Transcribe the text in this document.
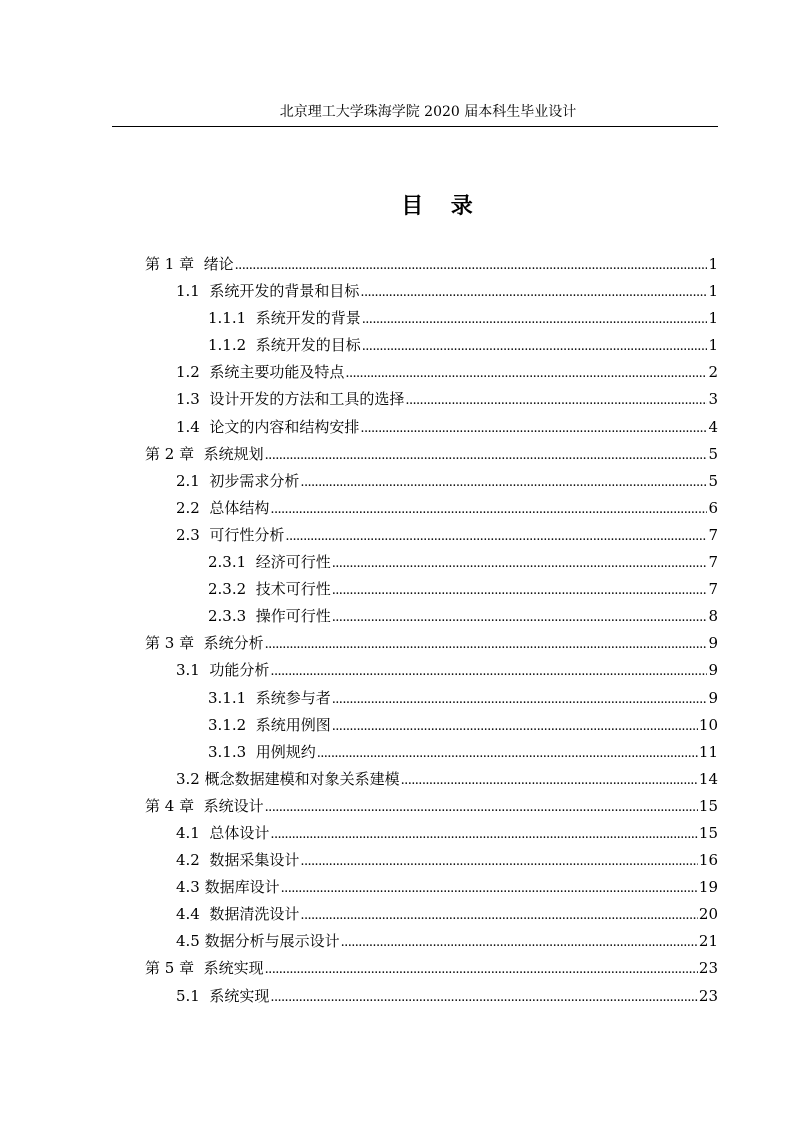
北京理工大学珠海学院 2020 届本科生毕业设计
目 录
第 1 章  绪论 .....	1
1.1  系统开发的背景和目标 .....	1
1.1.1  系统开发的背景 .....	1
1.1.2  系统开发的目标 .....	1
1.2  系统主要功能及特点 .....	2
1.3  设计开发的方法和工具的选择 .....	3
1.4  论文的内容和结构安排 .....	4
第 2 章  系统规划 .....	5
2.1  初步需求分析 .....	5
2.2  总体结构 .....	6
2.3  可行性分析 .....	7
2.3.1  经济可行性 .....	7
2.3.2  技术可行性 .....	7
2.3.3  操作可行性 .....	8
第 3 章  系统分析 .....	9
3.1  功能分析 .....	9
3.1.1  系统参与者 .....	9
3.1.2  系统用例图 .....	10
3.1.3  用例规约 .....	11
3.2 概念数据建模和对象关系建模 .....	14
第 4 章  系统设计 .....	15
4.1  总体设计 .....	15
4.2  数据采集设计 .....	16
4.3 数据库设计 .....	19
4.4  数据清洗设计 .....	20
4.5 数据分析与展示设计 .....	21
第 5 章  系统实现 .....	23
5.1  系统实现 .....	23
